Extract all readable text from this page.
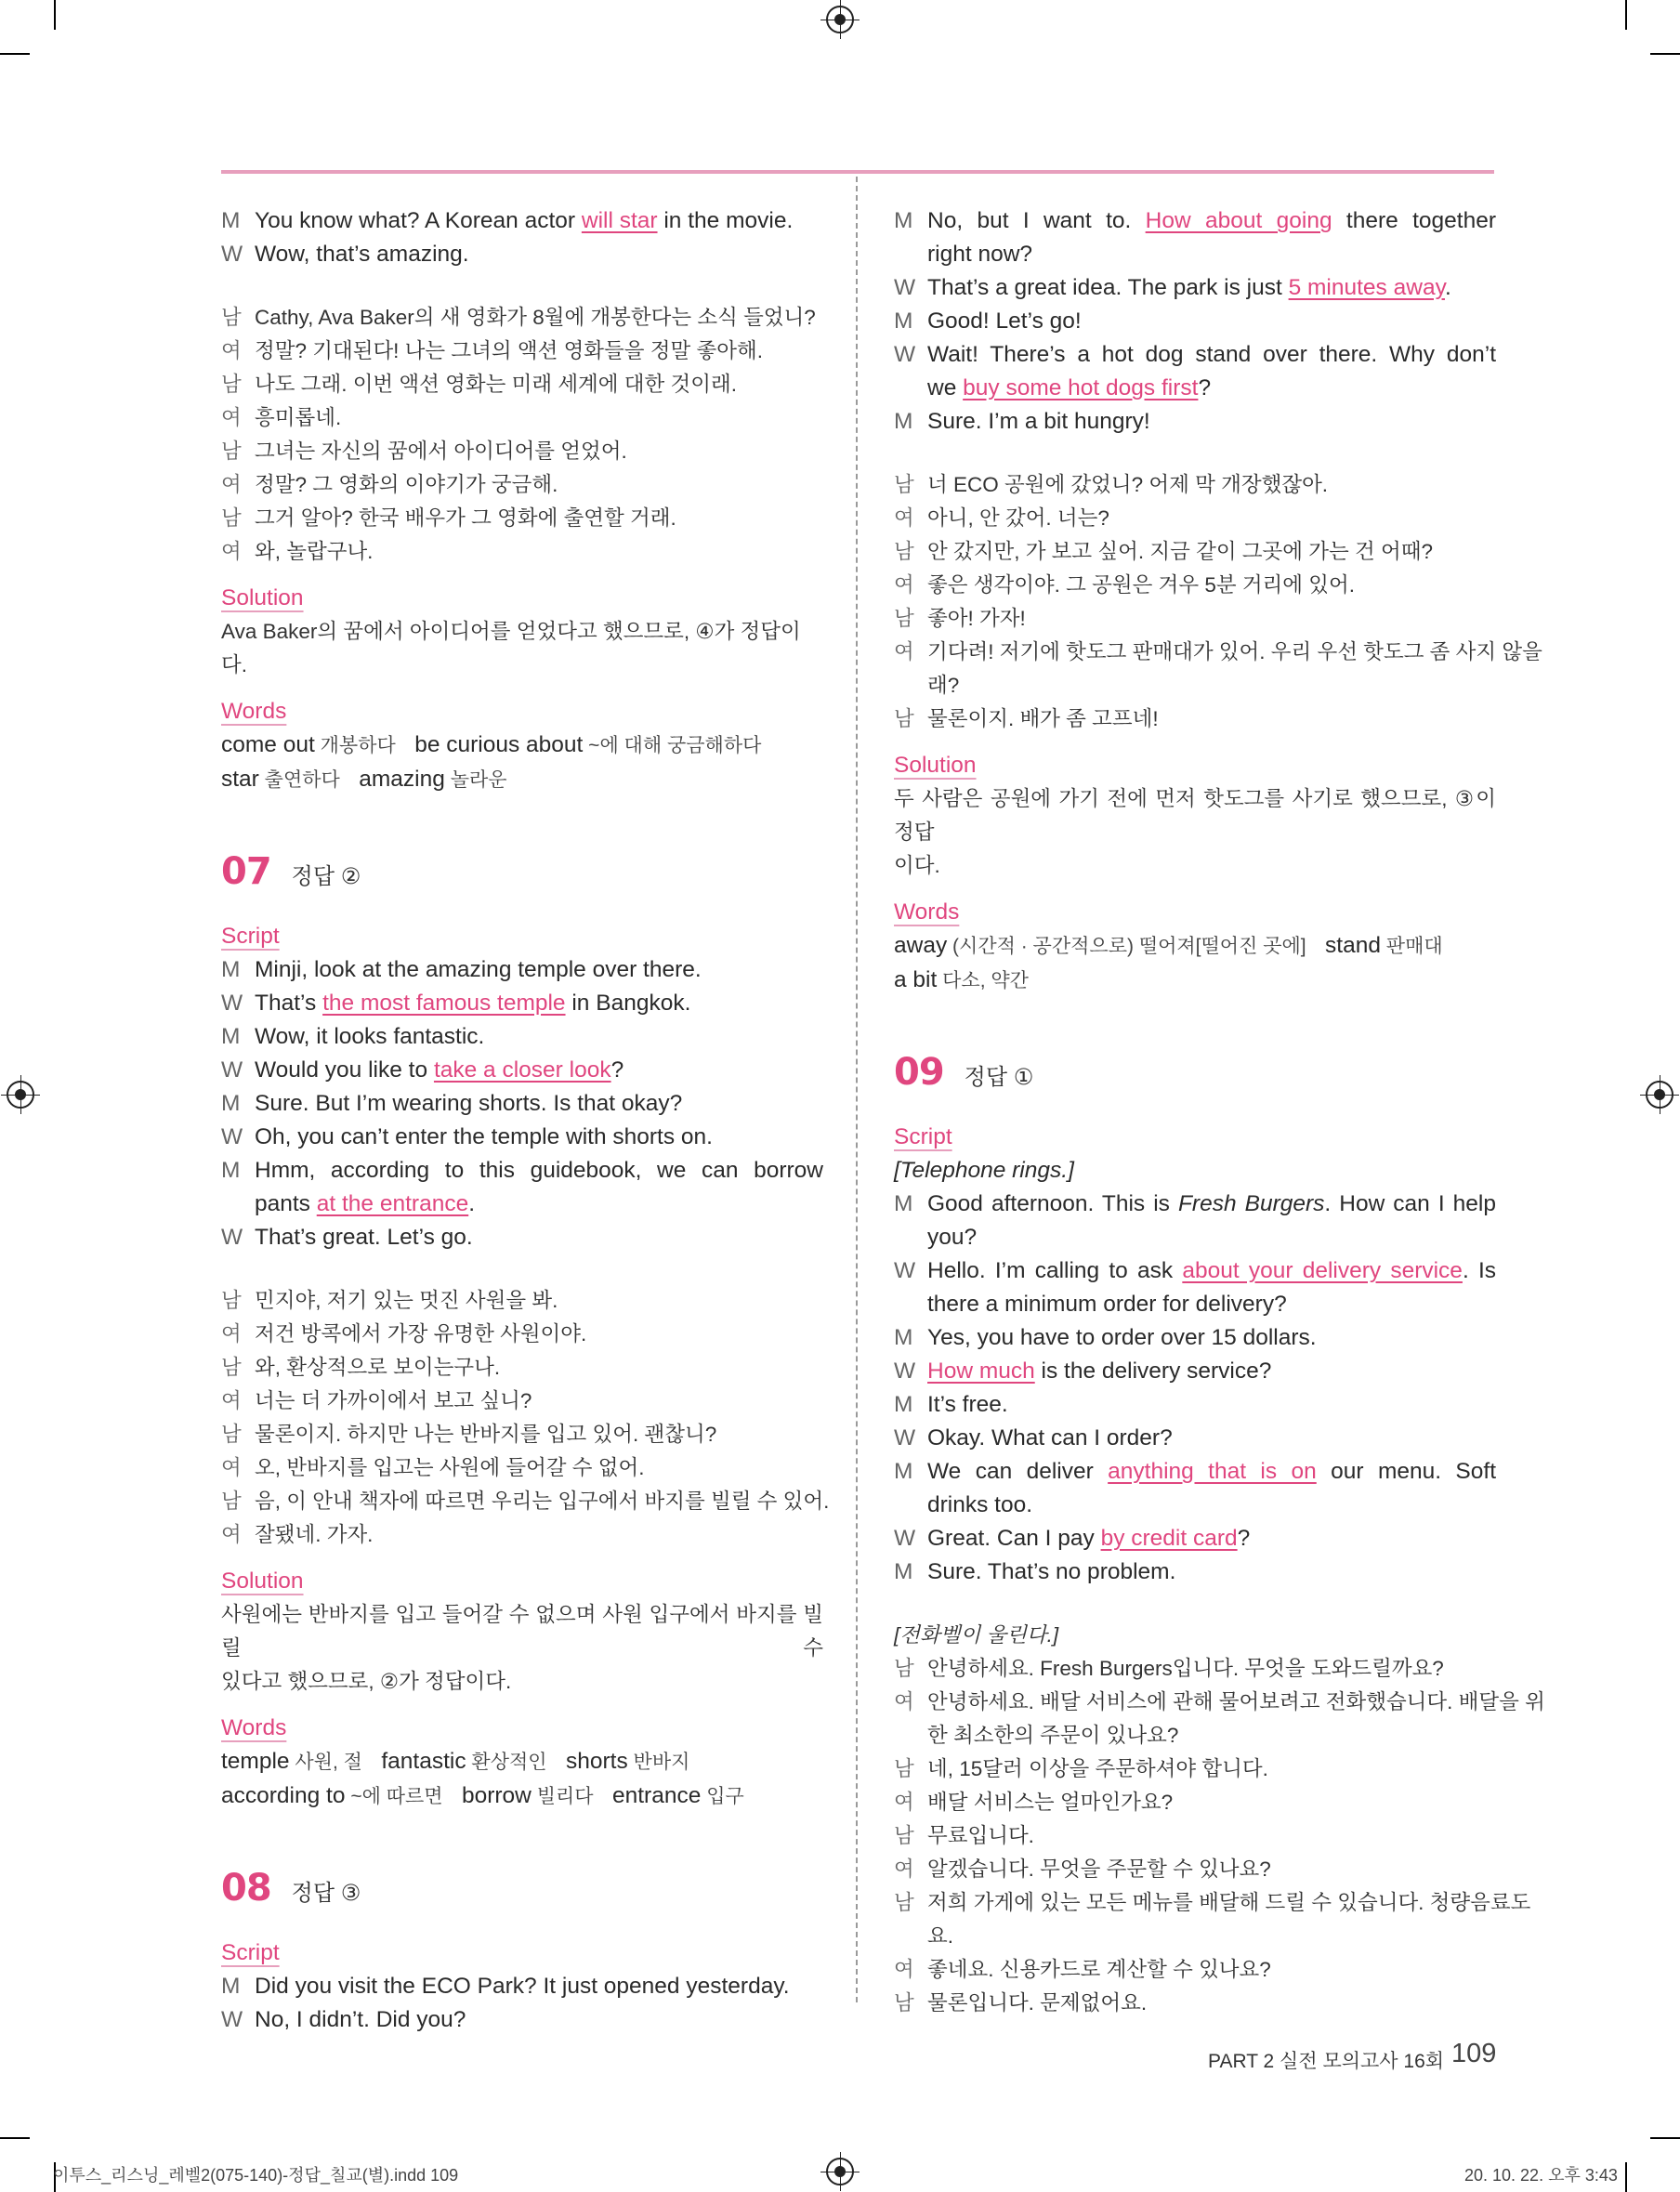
M You know what? A Korean actor will star in the movie.
W Wow, that’s amazing.
남 Cathy, Ava Baker의 새 영화가 8월에 개봉한다는 소식 들었니?
여 정말? 기대된다! 나는 그녀의 액션 영화들을 정말 좋아해.
남 나도 그래. 이번 액션 영화는 미래 세계에 대한 것이래.
여 흥미롭네.
남 그녀는 자신의 꿈에서 아이디어를 얻었어.
여 정말? 그 영화의 이야기가 궁금해.
남 그거 알아? 한국 배우가 그 영화에 출연할 거래.
여 와, 놀랍구나.
Solution
Ava Baker의 꿈에서 아이디어를 얻었다고 했으므로, ④가 정답이다.
Words
come out 개봉하다 be curious about ~에 대해 궁금해하다
star 출연하다 amazing 놀라운
07 정답 ②
Script
M Minji, look at the amazing temple over there.
W That’s the most famous temple in Bangkok.
M Wow, it looks fantastic.
W Would you like to take a closer look?
M Sure. But I’m wearing shorts. Is that okay?
W Oh, you can’t enter the temple with shorts on.
M Hmm, according to this guidebook, we can borrow
pants at the entrance.
W That’s great. Let’s go.
남 민지야, 저기 있는 멋진 사원을 봐.
여 저건 방콕에서 가장 유명한 사원이야.
남 와, 환상적으로 보이는구나.
여 너는 더 가까이에서 보고 싶니?
남 물론이지. 하지만 나는 반바지를 입고 있어. 괜찮니?
여 오, 반바지를 입고는 사원에 들어갈 수 없어.
남 음, 이 안내 책자에 따르면 우리는 입구에서 바지를 빌릴 수 있어.
여 잘됐네. 가자.
Solution
사원에는 반바지를 입고 들어갈 수 없으며 사원 입구에서 바지를 빌릴 수
있다고 했으므로, ②가 정답이다.
Words
temple 사원, 절 fantastic 환상적인 shorts 반바지
according to ~에 따르면 borrow 빌리다 entrance 입구
08 정답 ③
Script
M Did you visit the ECO Park? It just opened yesterday.
W No, I didn’t. Did you?
M No, but I want to. How about going there together
right now?
W That’s a great idea. The park is just 5 minutes away.
M Good! Let’s go!
W Wait! There’s a hot dog stand over there. Why don’t
we buy some hot dogs first?
M Sure. I’m a bit hungry!
남 너 ECO 공원에 갔었니? 어제 막 개장했잖아.
여 아니, 안 갔어. 너는?
남 안 갔지만, 가 보고 싶어. 지금 같이 그곳에 가는 건 어때?
여 좋은 생각이야. 그 공원은 겨우 5분 거리에 있어.
남 좋아! 가자!
여 기다려! 저기에 핫도그 판매대가 있어. 우리 우선 핫도그 좀 사지 않을
래?
남 물론이지. 배가 좀 고프네!
Solution
두 사람은 공원에 가기 전에 먼저 핫도그를 사기로 했으므로, ③이 정답
이다.
Words
away (시간적 · 공간적으로) 떨어져[떨어진 곳에] stand 판매대
a bit 다소, 약간
09 정답 ①
Script
[Telephone rings.]
M Good afternoon. This is Fresh Burgers. How can I help
you?
W Hello. I’m calling to ask about your delivery service. Is
there a minimum order for delivery?
M Yes, you have to order over 15 dollars.
W How much is the delivery service?
M It’s free.
W Okay. What can I order?
M We can deliver anything that is on our menu. Soft
drinks too.
W Great. Can I pay by credit card?
M Sure. That’s no problem.
[전화벨이 울린다.]
남 안녕하세요. Fresh Burgers입니다. 무엇을 도와드릴까요?
여 안녕하세요. 배달 서비스에 관해 물어보려고 전화했습니다. 배달을 위
한 최소한의 주문이 있나요?
남 네, 15달러 이상을 주문하셔야 합니다.
여 배달 서비스는 얼마인가요?
남 무료입니다.
여 알겠습니다. 무엇을 주문할 수 있나요?
남 저희 가게에 있는 모든 메뉴를 배달해 드릴 수 있습니다. 청량음료도
요.
여 좋네요. 신용카드로 계산할 수 있나요?
남 물론입니다. 문제없어요.
PART 2 실전 모의고사 16회 109
이투스_리스닝_레벨2(075-140)-정답_칠교(별).indd 109	20. 10. 22. 오후 3:43
